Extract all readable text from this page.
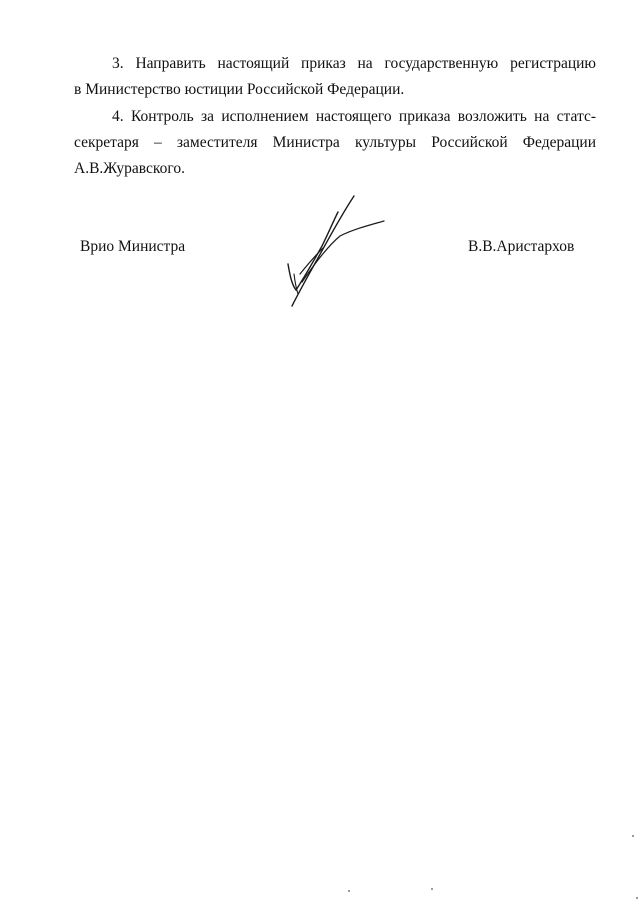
3. Направить настоящий приказ на государственную регистрацию
в Министерство юстиции Российской Федерации.
4. Контроль за исполнением настоящего приказа возложить на статс-
секретаря – заместителя Министра культуры Российской Федерации
А.В.Журавского.
Врио Министра	В.В.Аристархов
